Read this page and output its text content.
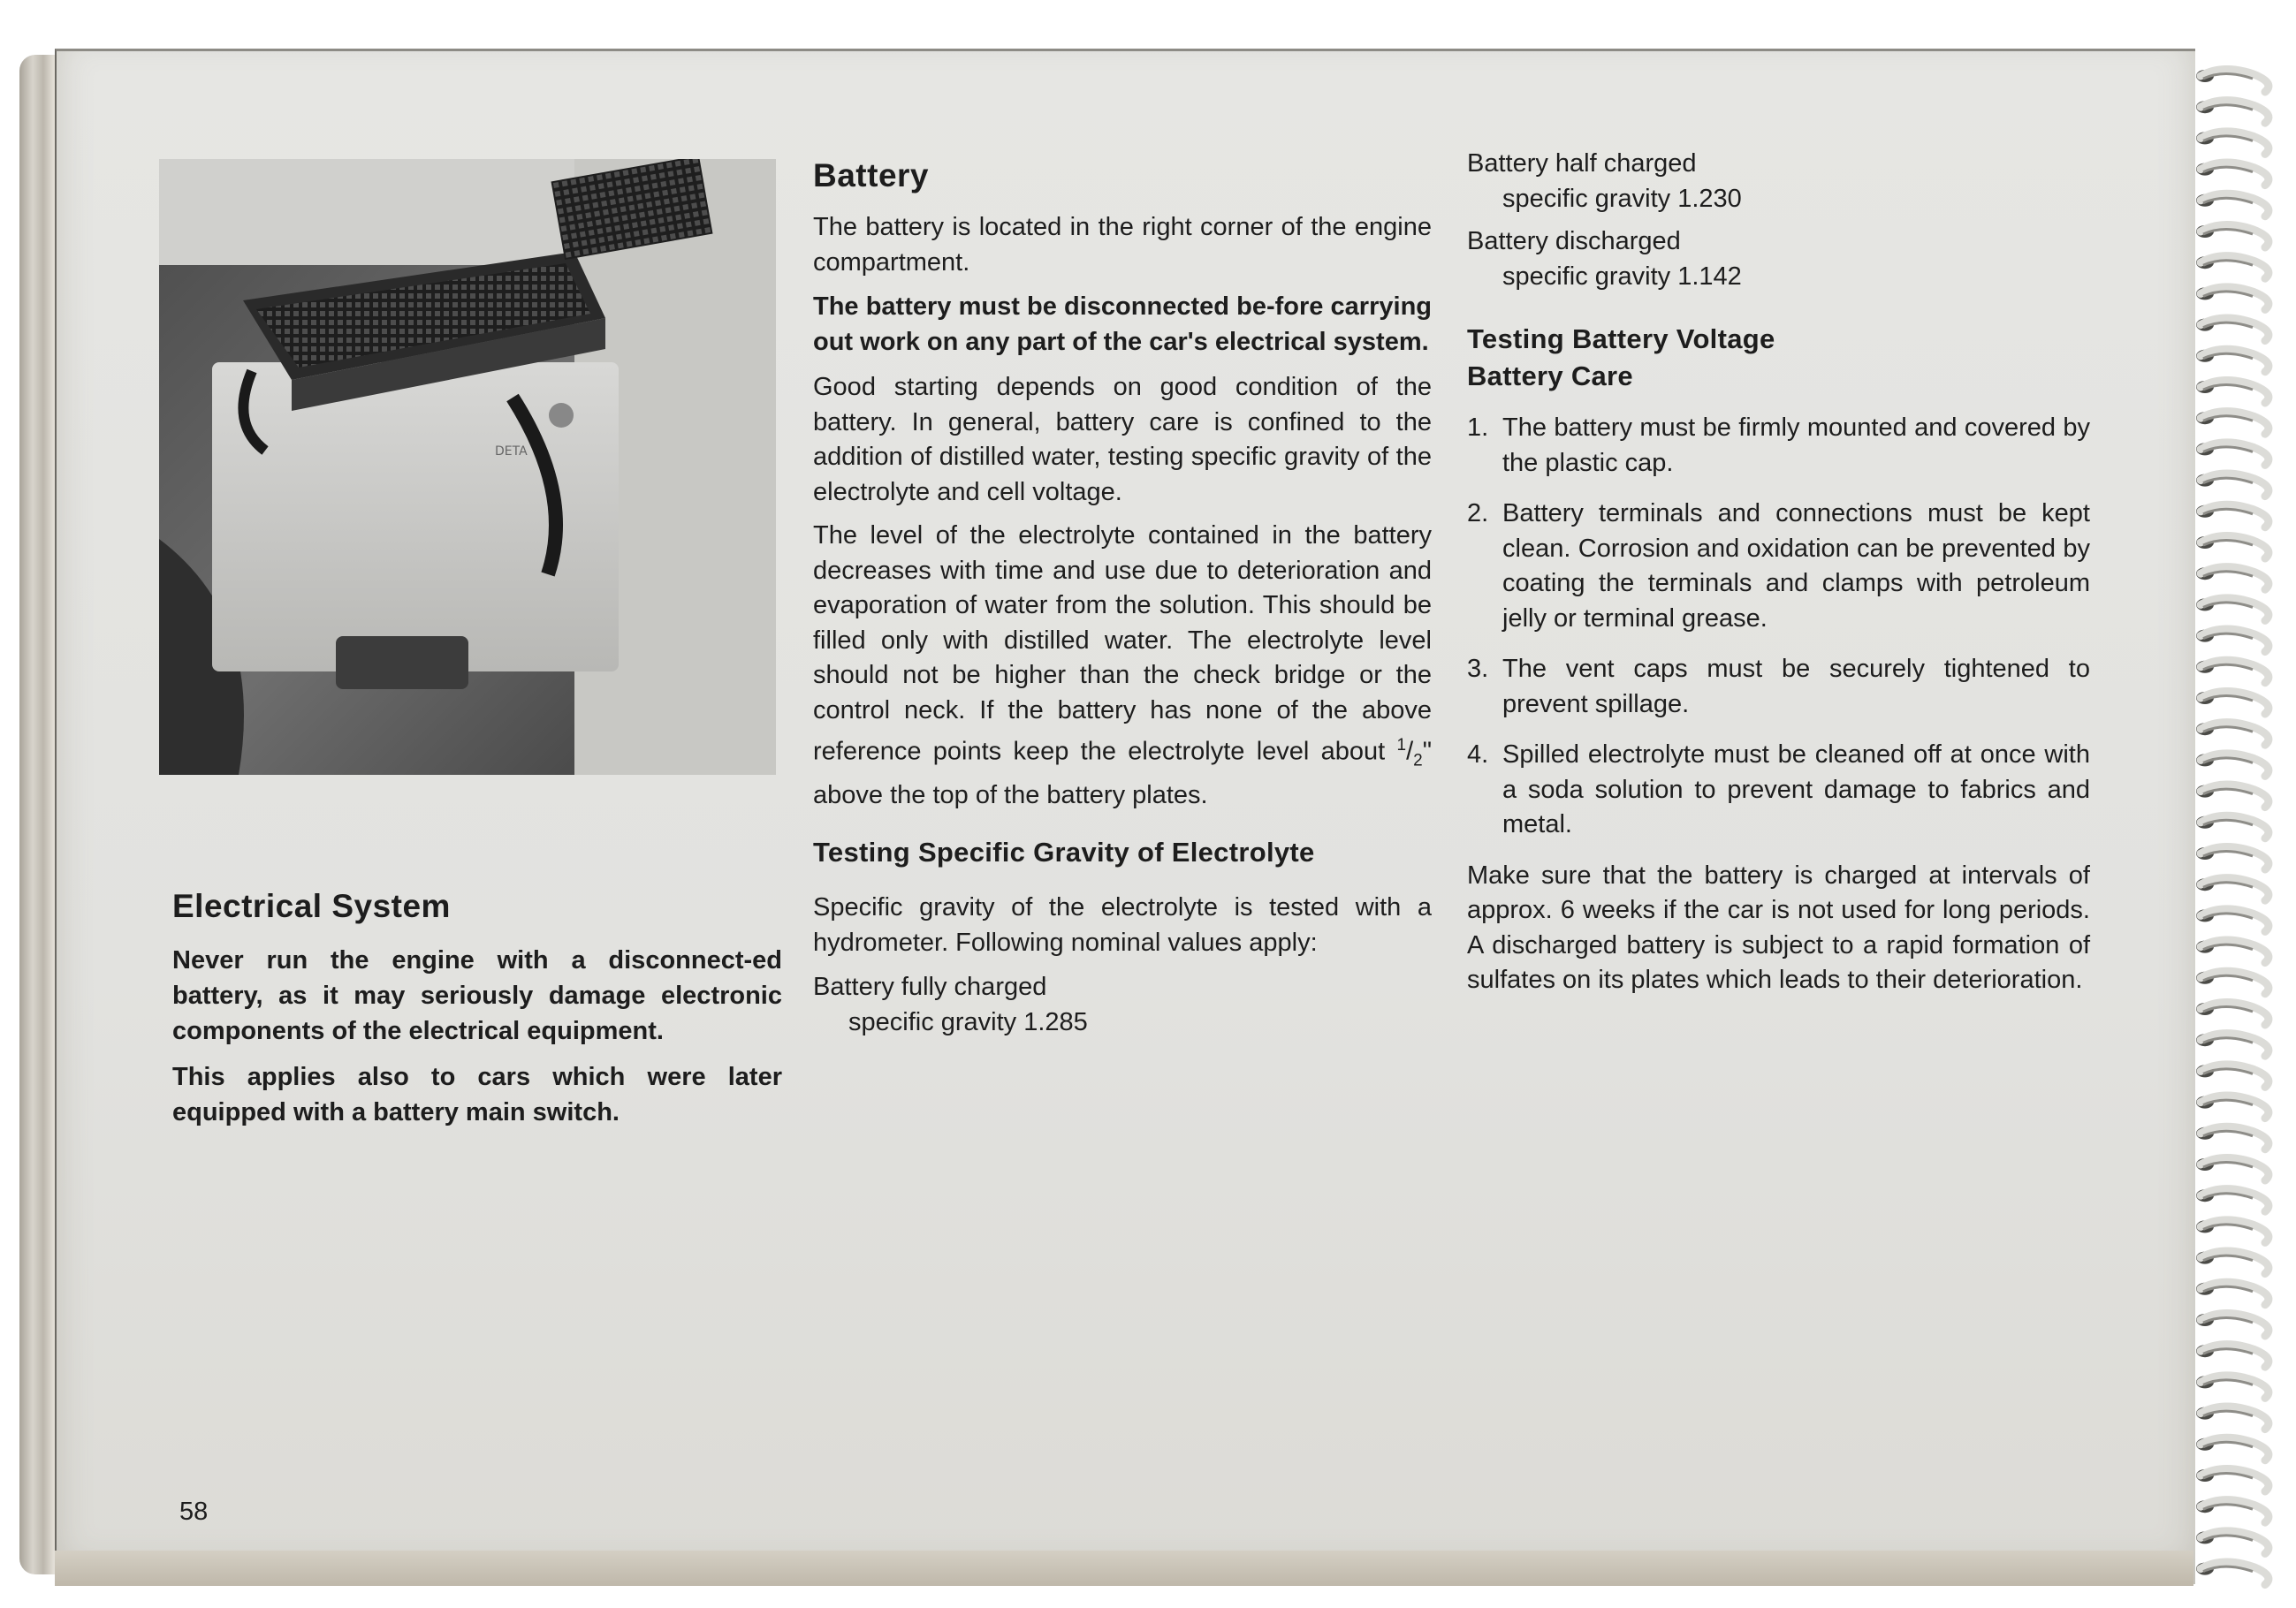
DETA
Electrical System

Never run the engine with a disconnect-ed battery, as it may seriously damage electronic components of the electrical equipment.

This applies also to cars which were later equipped with a battery main switch.

Battery

The battery is located in the right corner of the engine compartment.

The battery must be disconnected be-fore carrying out work on any part of the car's electrical system.

Good starting depends on good condition of the battery. In general, battery care is confined to the addition of distilled water, testing specific gravity of the electrolyte and cell voltage.

The level of the electrolyte contained in the battery decreases with time and use due to deterioration and evaporation of water from the solution. This should be filled only with distilled water. The electrolyte level should not be higher than the check bridge or the control neck. If the battery has none of the above reference points keep the electrolyte level about $^1/_2$" above the top of the battery plates.

Testing Specific Gravity of Electrolyte

Specific gravity of the electrolyte is tested with a hydrometer. Following nominal values apply:

Battery fully charged

specific gravity 1.285

Battery half charged

specific gravity 1.230

Battery discharged

specific gravity 1.142

Testing Battery Voltage
Battery Care
1. The battery must be firmly mounted and covered by the plastic cap.
2. Battery terminals and connections must be kept clean. Corrosion and oxidation can be prevented by coating the terminals and clamps with petroleum jelly or terminal grease.
3. The vent caps must be securely tightened to prevent spillage.
4. Spilled electrolyte must be cleaned off at once with a soda solution to prevent damage to fabrics and metal.

Make sure that the battery is charged at intervals of approx. 6 weeks if the car is not used for long periods. A discharged battery is subject to a rapid formation of sulfates on its plates which leads to their deterioration.

58
